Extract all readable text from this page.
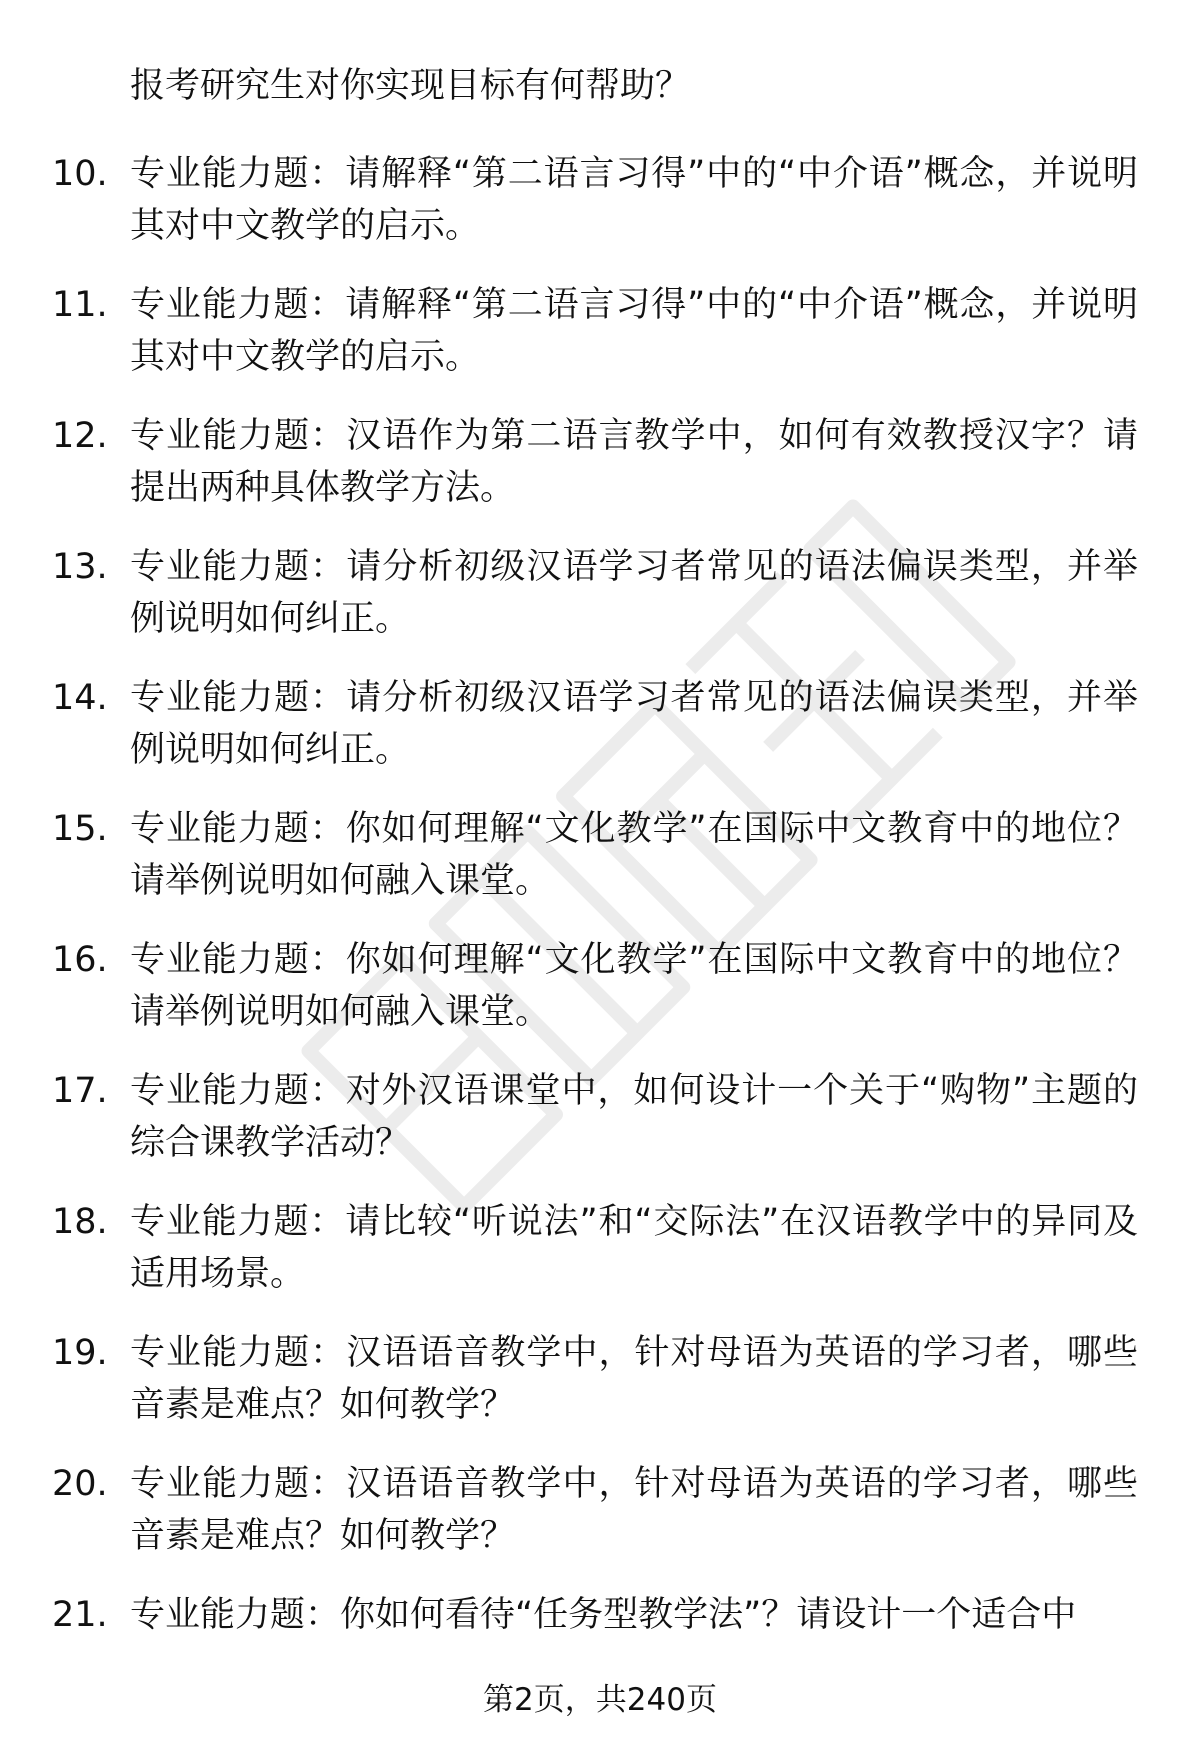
报考研究生对你实现目标有何帮助？

10. 专业能力题：请解释“第二语言习得”中的“中介语”概念，并说明其对中文教学的启示。

11. 专业能力题：请解释“第二语言习得”中的“中介语”概念，并说明其对中文教学的启示。

12. 专业能力题：汉语作为第二语言教学中，如何有效教授汉字？请提出两种具体教学方法。

13. 专业能力题：请分析初级汉语学习者常见的语法偏误类型，并举例说明如何纠正。

14. 专业能力题：请分析初级汉语学习者常见的语法偏误类型，并举例说明如何纠正。

15. 专业能力题：你如何理解“文化教学”在国际中文教育中的地位？请举例说明如何融入课堂。

16. 专业能力题：你如何理解“文化教学”在国际中文教育中的地位？请举例说明如何融入课堂。

17. 专业能力题：对外汉语课堂中，如何设计一个关于“购物”主题的综合课教学活动？

18. 专业能力题：请比较“听说法”和“交际法”在汉语教学中的异同及适用场景。

19. 专业能力题：汉语语音教学中，针对母语为英语的学习者，哪些音素是难点？如何教学？

20. 专业能力题：汉语语音教学中，针对母语为英语的学习者，哪些音素是难点？如何教学？

21. 专业能力题：你如何看待“任务型教学法”？请设计一个适合中

第2页，共240页
